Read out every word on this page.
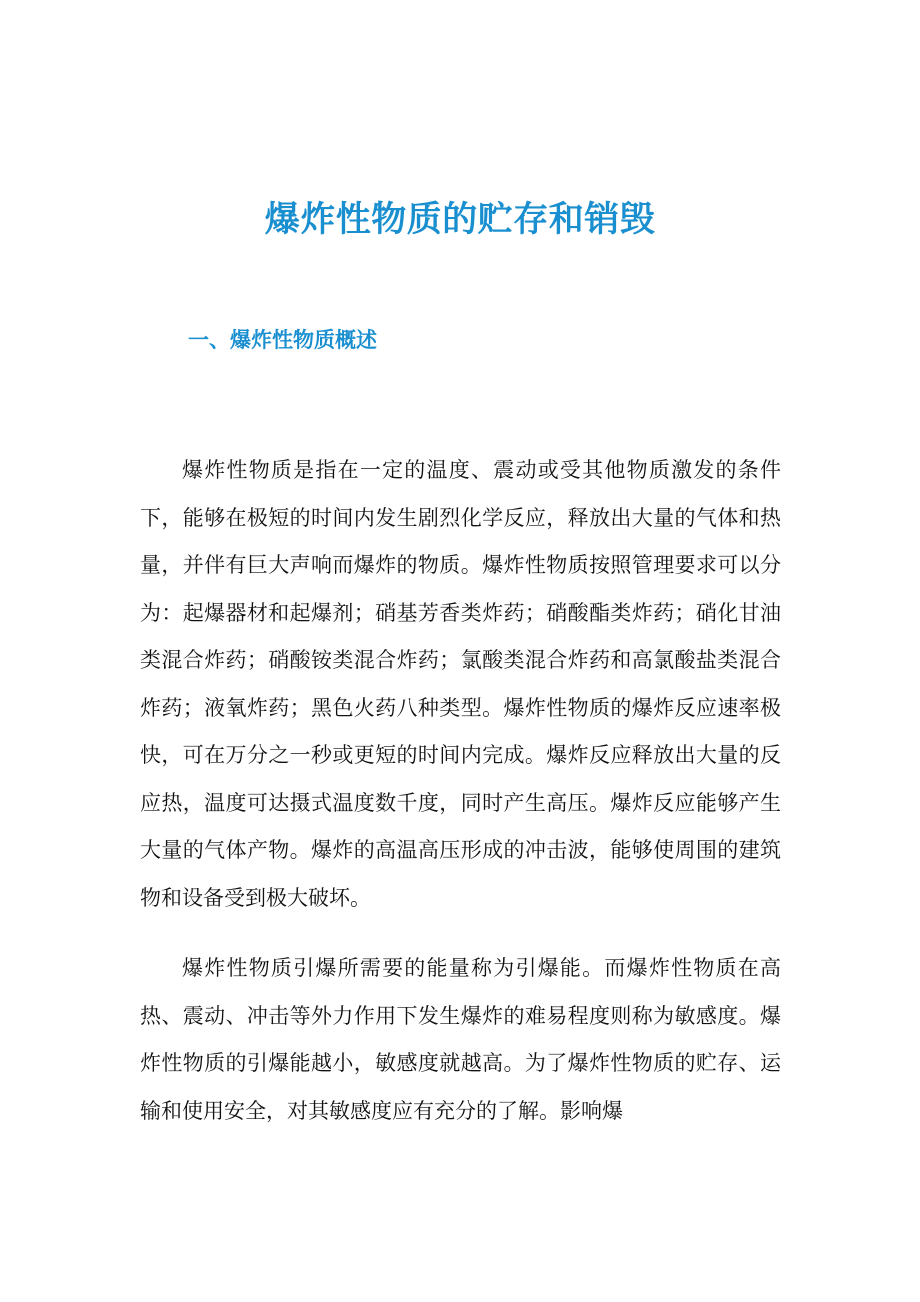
爆炸性物质的贮存和销毁
一、爆炸性物质概述

爆炸性物质是指在一定的温度、震动或受其他物质激发的条件下，能够在极短的时间内发生剧烈化学反应，释放出大量的气体和热量，并伴有巨大声响而爆炸的物质。爆炸性物质按照管理要求可以分为：起爆器材和起爆剂；硝基芳香类炸药；硝酸酯类炸药；硝化甘油类混合炸药；硝酸铵类混合炸药；氯酸类混合炸药和高氯酸盐类混合炸药；液氧炸药；黑色火药八种类型。爆炸性物质的爆炸反应速率极快，可在万分之一秒或更短的时间内完成。爆炸反应释放出大量的反应热，温度可达摄式温度数千度，同时产生高压。爆炸反应能够产生大量的气体产物。爆炸的高温高压形成的冲击波，能够使周围的建筑物和设备受到极大破坏。

爆炸性物质引爆所需要的能量称为引爆能。而爆炸性物质在高热、震动、冲击等外力作用下发生爆炸的难易程度则称为敏感度。爆炸性物质的引爆能越小，敏感度就越高。为了爆炸性物质的贮存、运输和使用安全，对其敏感度应有充分的了解。影响爆
